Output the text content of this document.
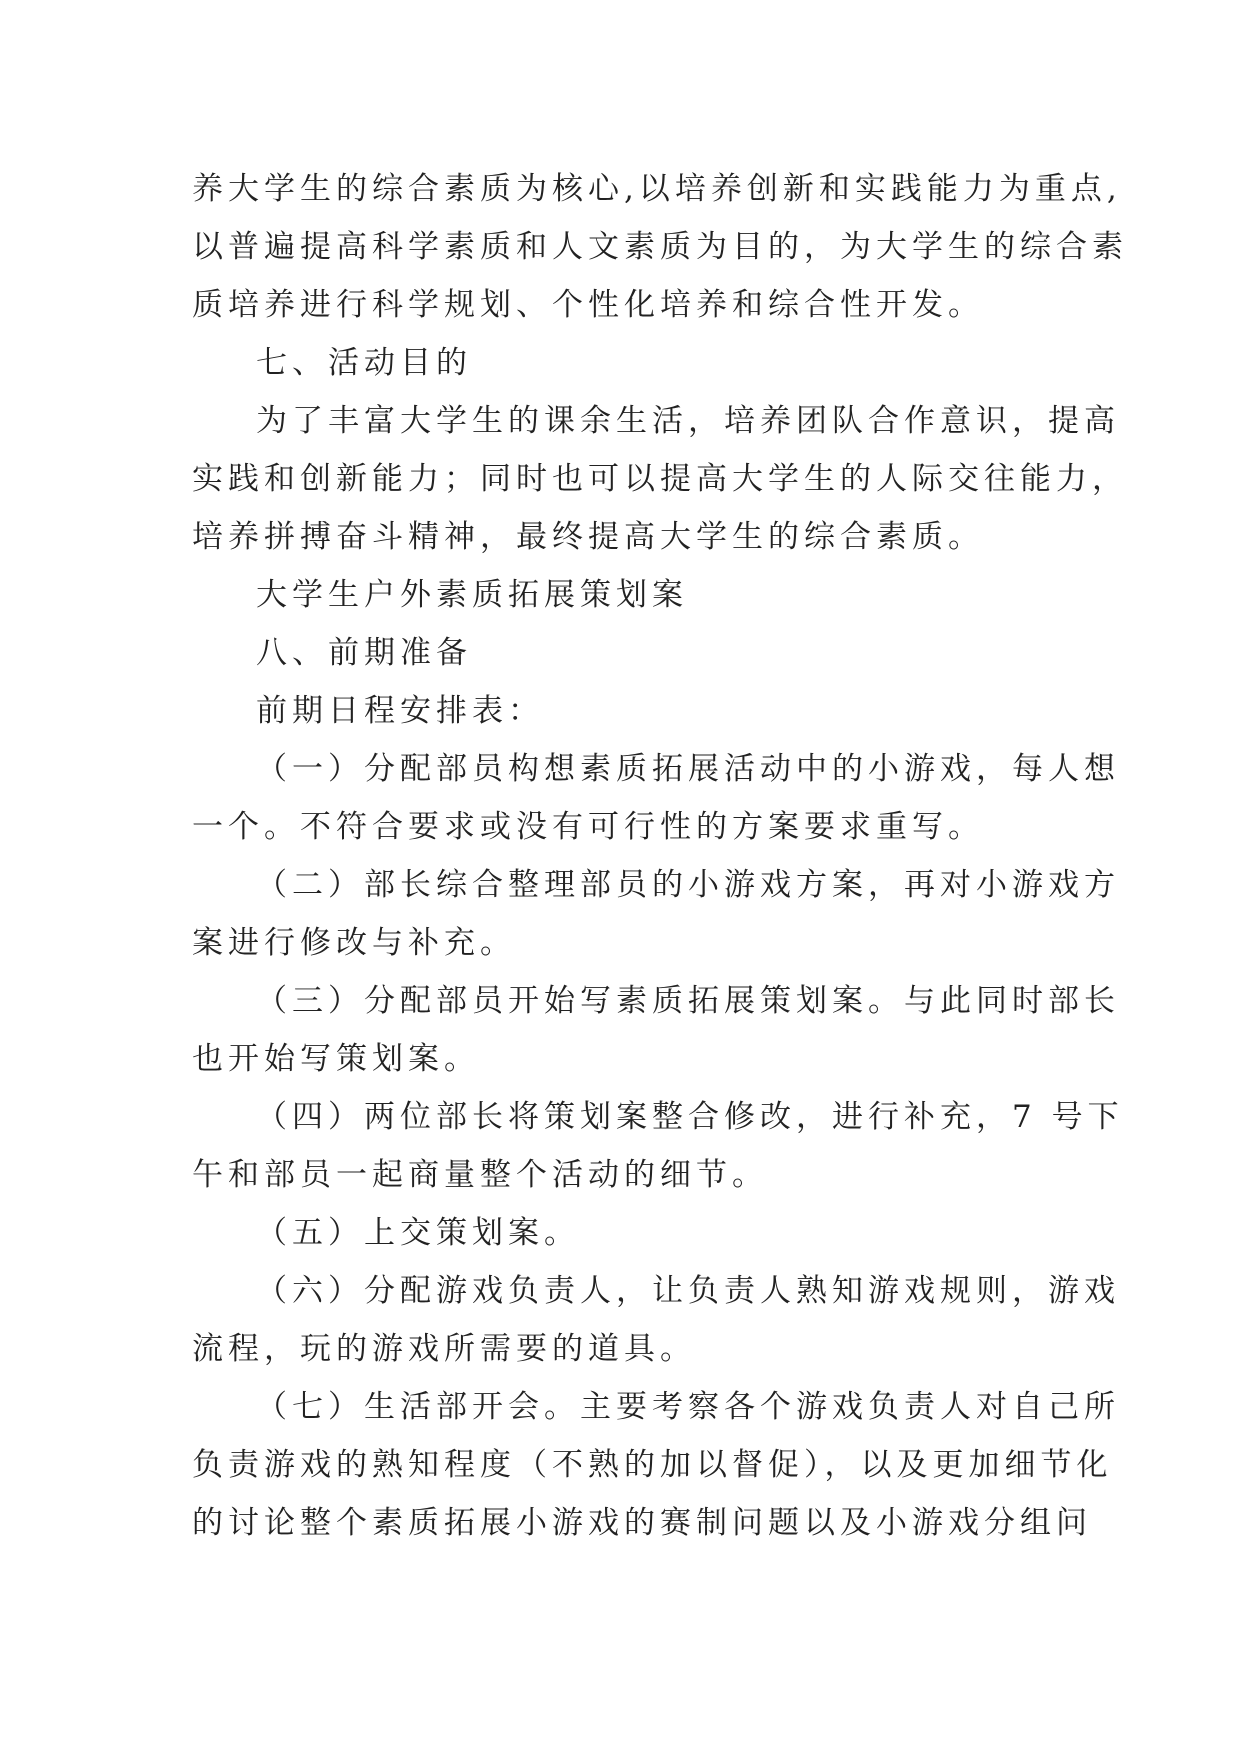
养大学生的综合素质为核心,以培养创新和实践能力为重点,
以普遍提高科学素质和人文素质为目的，为大学生的综合素
质培养进行科学规划、个性化培养和综合性开发。
七、活动目的
为了丰富大学生的课余生活，培养团队合作意识，提高
实践和创新能力；同时也可以提高大学生的人际交往能力，
培养拼搏奋斗精神，最终提高大学生的综合素质。
大学生户外素质拓展策划案
八、前期准备
前期日程安排表：
（一）分配部员构想素质拓展活动中的小游戏，每人想
一个。不符合要求或没有可行性的方案要求重写。
（二）部长综合整理部员的小游戏方案，再对小游戏方
案进行修改与补充。
（三）分配部员开始写素质拓展策划案。与此同时部长
也开始写策划案。
（四）两位部长将策划案整合修改，进行补充，7 号下
午和部员一起商量整个活动的细节。
（五）上交策划案。
（六）分配游戏负责人，让负责人熟知游戏规则，游戏
流程，玩的游戏所需要的道具。
（七）生活部开会。主要考察各个游戏负责人对自己所
负责游戏的熟知程度（不熟的加以督促），以及更加细节化
的讨论整个素质拓展小游戏的赛制问题以及小游戏分组问
